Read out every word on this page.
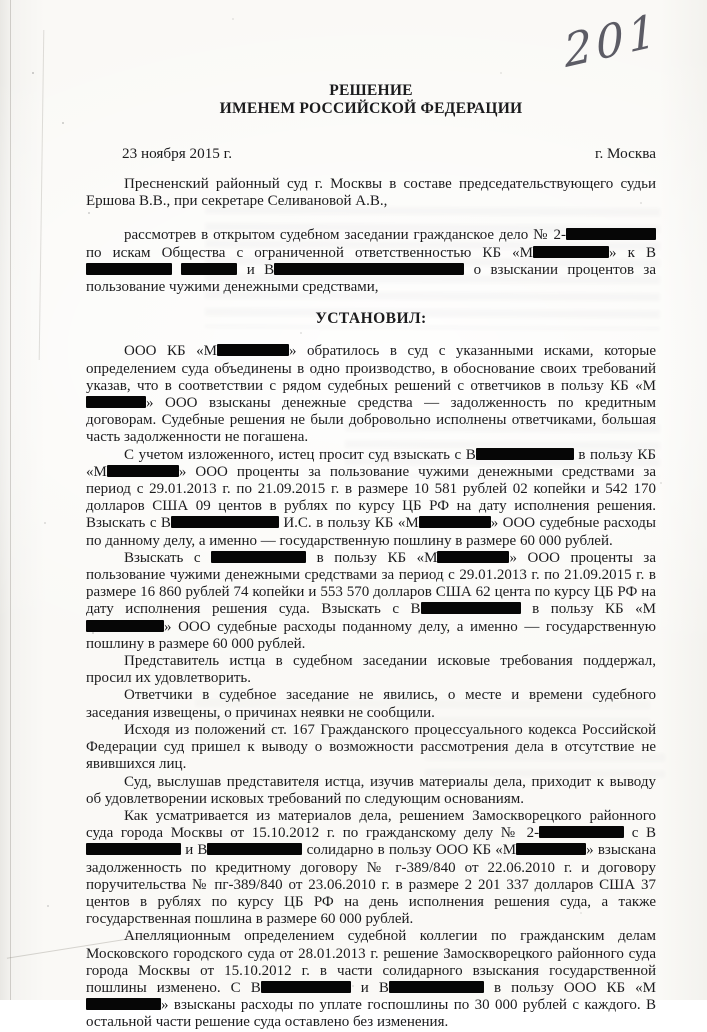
201
РЕШЕНИЕ
ИМЕНЕМ РОССИЙСКОЙ ФЕДЕРАЦИИ
23 ноября 2015 г.	г. Москва

Пресненский районный суд г. Москвы в составе председательствующего судьи Ершова В.В., при секретаре Селивановой А.В.,

рассмотрев в открытом судебном заседании гражданское дело № 2- по искам Общества с ограниченной ответственностью КБ «М	» к В  и В	о взыскании процентов за пользование чужими денежными средствами,

УСТАНОВИЛ:

ООО КБ «М	» обратилось в суд с указанными исками, которые определением суда объединены в одно производство, в обоснование своих требований указав, что в соответствии с рядом судебных решений с ответчиков в пользу КБ «М» ООО взысканы денежные средства — задолженность по кредитным договорам. Судебные решения не были добровольно исполнены ответчиками, большая часть задолженности не погашена.

С учетом изложенного, истец просит суд взыскать с В	в пользу КБ «М	» ООО проценты за пользование чужими денежными средствами за период с 29.01.2013 г. по 21.09.2015 г. в размере 10 581 рублей 02 копейки и 542 170 долларов США 09 центов в рублях по курсу ЦБ РФ на дату исполнения решения. Взыскать с В	И.С. в пользу КБ «М	» ООО судебные расходы по данному делу, а именно — государственную пошлину в размере 60 000 рублей.

Взыскать с	в пользу КБ «М	» ООО проценты за пользование чужими денежными средствами за период с 29.01.2013 г. по 21.09.2015 г. в размере 16 860 рублей 74 копейки и 553 570 долларов США 62 цента по курсу ЦБ РФ на дату исполнения решения суда. Взыскать с В	в пользу КБ «М» ООО судебные расходы поданному делу, а именно — государственную пошлину в размере 60 000 рублей.

Представитель истца в судебном заседании исковые требования поддержал, просил их удовлетворить.

Ответчики в судебное заседание не явились, о месте и времени судебного заседания извещены, о причинах неявки не сообщили.

Исходя из положений ст. 167 Гражданского процессуального кодекса Российской Федерации суд пришел к выводу о возможности рассмотрения дела в отсутствие не явившихся лиц.

Суд, выслушав представителя истца, изучив материалы дела, приходит к выводу об удовлетворении исковых требований по следующим основаниям.

Как усматривается из материалов дела, решением Замоскворецкого районного суда города Москвы от 15.10.2012 г. по гражданскому делу № 2-	с В и В	солидарно в пользу ООО КБ «М	» взыскана задолженность по кредитному договору № г-389/840 от 22.06.2010 г. и договору поручительства № пг-389/840 от 23.06.2010 г. в размере 2 201 337 долларов США 37 центов в рублях по курсу ЦБ РФ на день исполнения решения суда, а также государственная пошлина в размере 60 000 рублей.

Апелляционным определением судебной коллегии по гражданским делам Московского городского суда от 28.01.2013 г. решение Замоскворецкого районного суда города Москвы от 15.10.2012 г. в части солидарного взыскания государственной пошлины изменено. С В	и В	в пользу ООО КБ «М» взысканы расходы по уплате госпошлины по 30 000 рублей с каждого. В остальной части решение суда оставлено без изменения.
